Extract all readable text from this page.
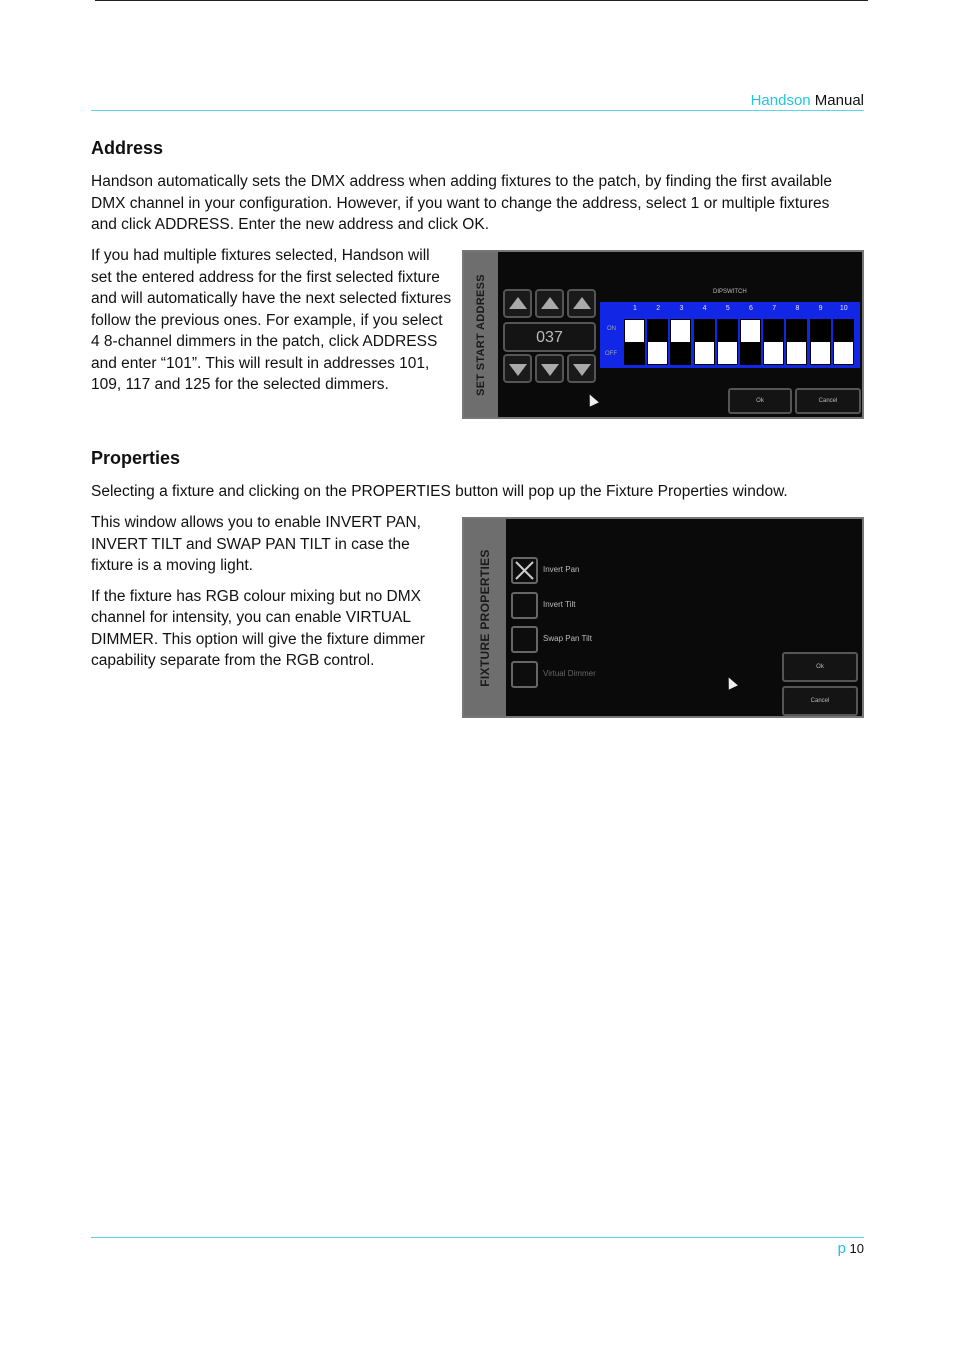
Handson Manual
Address

Handson automatically sets the DMX address when adding fixtures to the patch, by finding the first available DMX channel in your configuration. However, if you want to change the address, select 1 or multiple fixtures and click ADDRESS. Enter the new address and click OK.

If you had multiple fixtures selected, Handson will set the entered address for the first selected fixture and will automatically have the next selected fixtures follow the previous ones. For example, if you select 4 8-channel dimmers in the patch, click ADDRESS and enter “101”. This will result in addresses 101, 109, 117 and 125 for the selected dimmers.	SET START ADDRESS	037
DIPSWITCH
ON
OFF
1	2	3	4	5	6	7	8	9	10
Ok	Cancel
Properties

Selecting a fixture and clicking on the PROPERTIES button will pop up the Fixture Properties window.

This window allows you to enable INVERT PAN, INVERT TILT and SWAP PAN TILT in case the fixture is a moving light.

If the fixture has RGB colour mixing but no DMX channel for intensity, you can enable VIRTUAL DIMMER. This option will give the fixture dimmer capability separate from the RGB control.	FIXTURE PROPERTIES	Invert Pan
Invert Tilt
Swap Pan Tilt
Virtual Dimmer
Ok
Cancel
p 10
